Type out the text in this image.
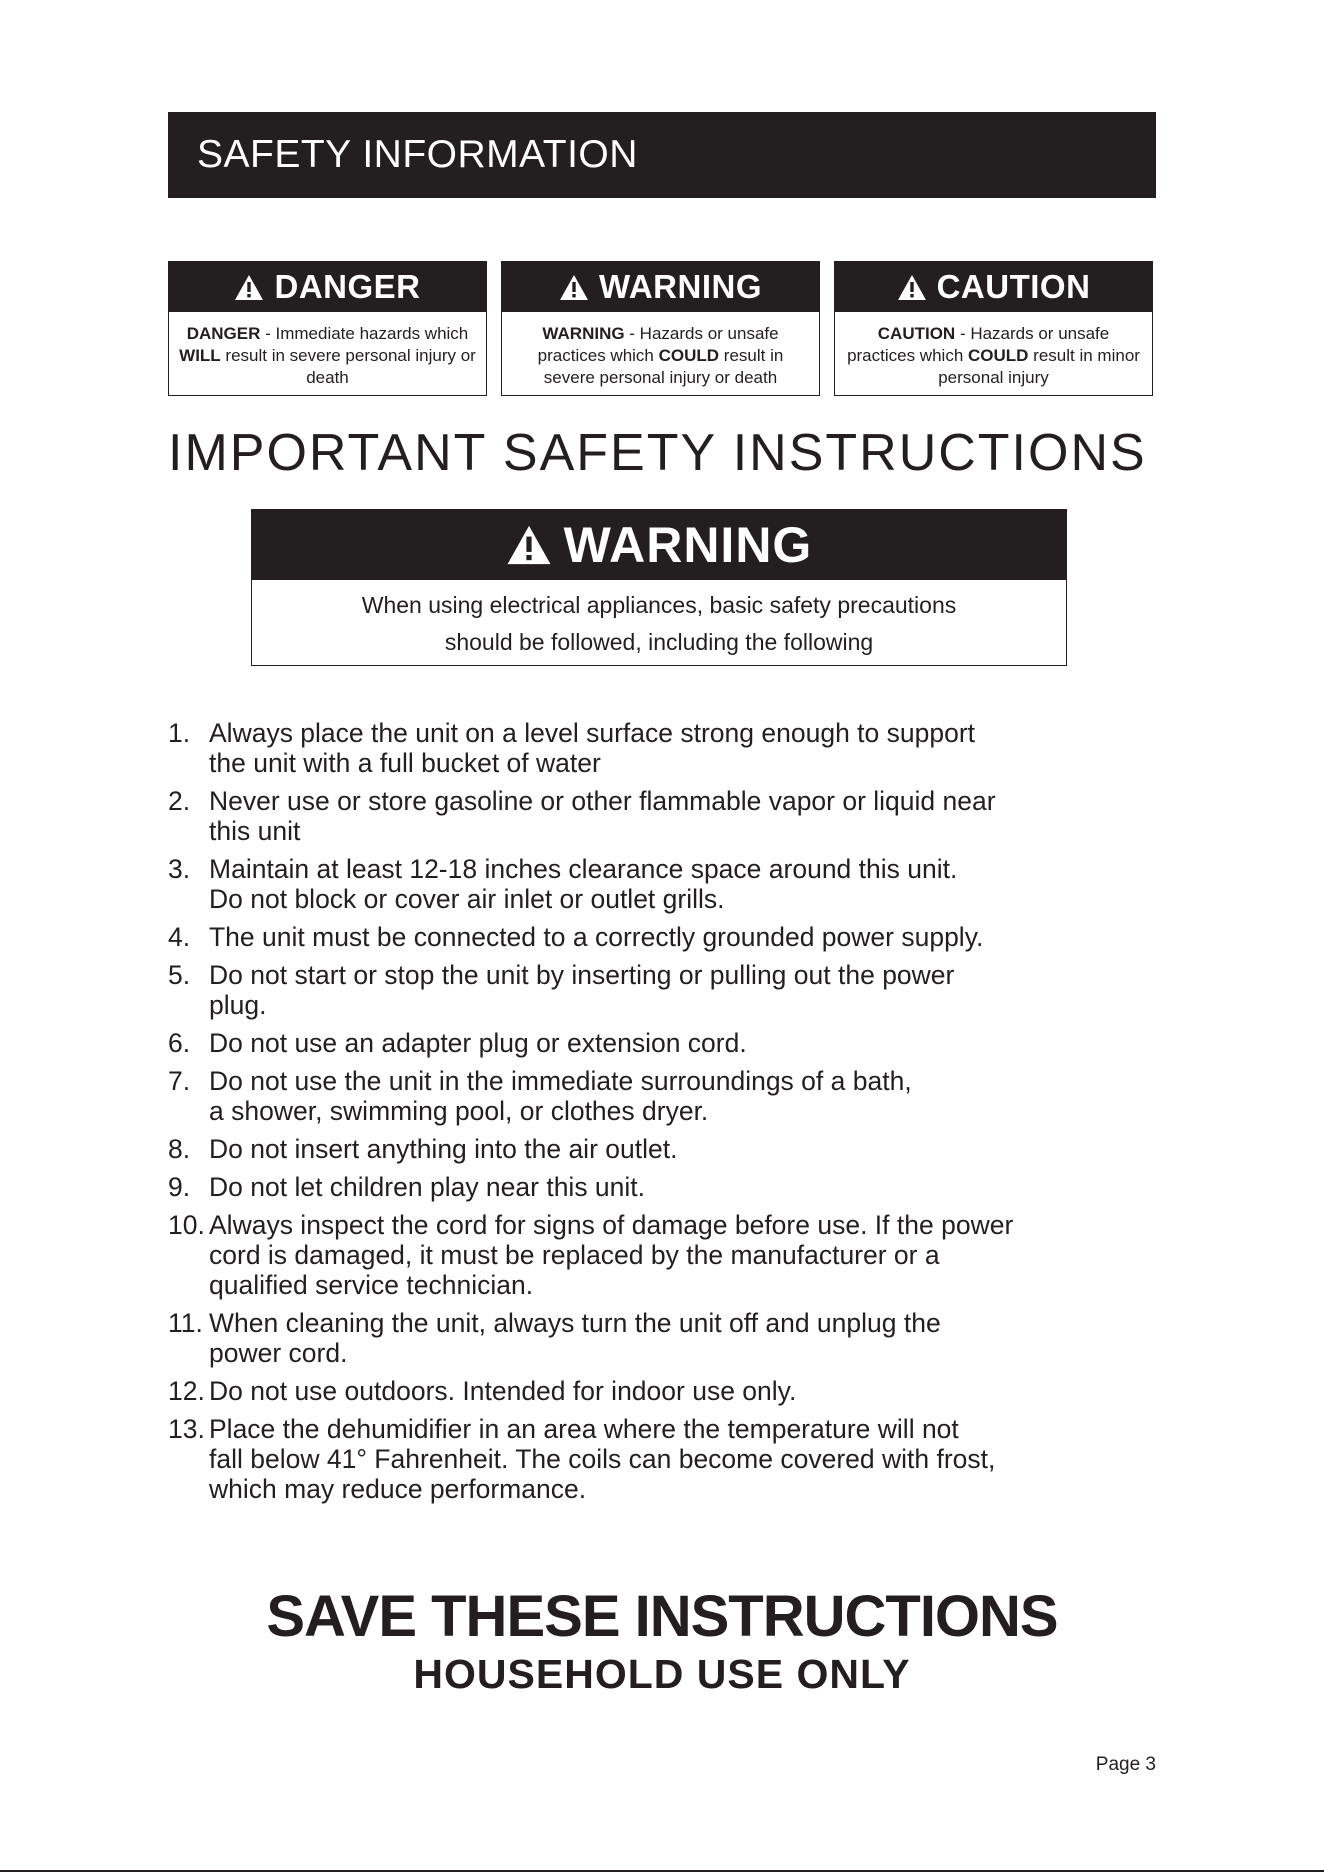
SAFETY INFORMATION
DANGER
DANGER - Immediate hazards which WILL result in severe personal injury or death
WARNING
WARNING - Hazards or unsafe practices which COULD result in severe personal injury or death
CAUTION
CAUTION - Hazards or unsafe practices which COULD result in minor personal injury
IMPORTANT SAFETY INSTRUCTIONS
WARNING
When using electrical appliances, basic safety precautions
should be followed, including the following
1. Always place the unit on a level surface strong enough to support
the unit with a full bucket of water
2. Never use or store gasoline or other flammable vapor or liquid near
this unit
3. Maintain at least 12-18 inches clearance space around this unit.
Do not block or cover air inlet or outlet grills.
4. The unit must be connected to a correctly grounded power supply.
5. Do not start or stop the unit by inserting or pulling out the power
plug.
6. Do not use an adapter plug or extension cord.
7. Do not use the unit in the immediate surroundings of a bath,
a shower, swimming pool, or clothes dryer.
8. Do not insert anything into the air outlet.
9. Do not let children play near this unit.
10. Always inspect the cord for signs of damage before use. If the power
cord is damaged, it must be replaced by the manufacturer or a
qualified service technician.
11. When cleaning the unit, always turn the unit off and unplug the
power cord.
12. Do not use outdoors. Intended for indoor use only.
13. Place the dehumidifier in an area where the temperature will not
fall below 41° Fahrenheit. The coils can become covered with frost,
which may reduce performance.
SAVE THESE INSTRUCTIONS
HOUSEHOLD USE ONLY
Page 3
